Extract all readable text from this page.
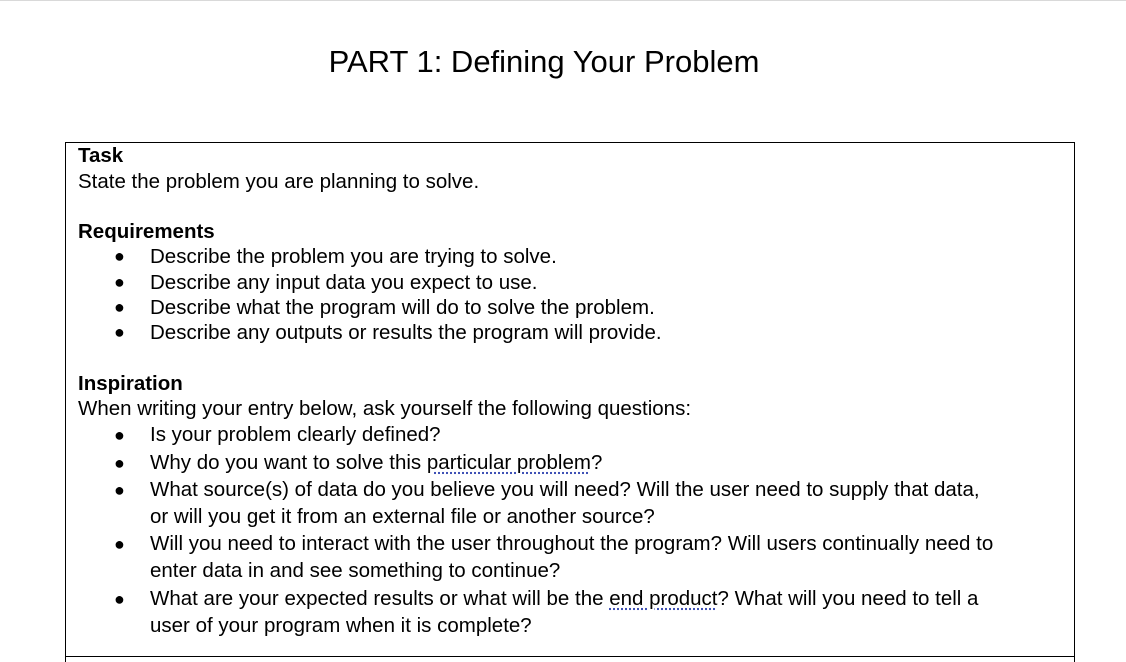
PART 1: Defining Your Problem
Task
State the problem you are planning to solve.
Requirements
● Describe the problem you are trying to solve.
● Describe any input data you expect to use.
● Describe what the program will do to solve the problem.
● Describe any outputs or results the program will provide.
Inspiration
When writing your entry below, ask yourself the following questions:
● Is your problem clearly defined?
● Why do you want to solve this particular problem?
● What source(s) of data do you believe you will need? Will the user need to supply that data,
or will you get it from an external file or another source?
● Will you need to interact with the user throughout the program? Will users continually need to
enter data in and see something to continue?
● What are your expected results or what will be the end product? What will you need to tell a
user of your program when it is complete?
